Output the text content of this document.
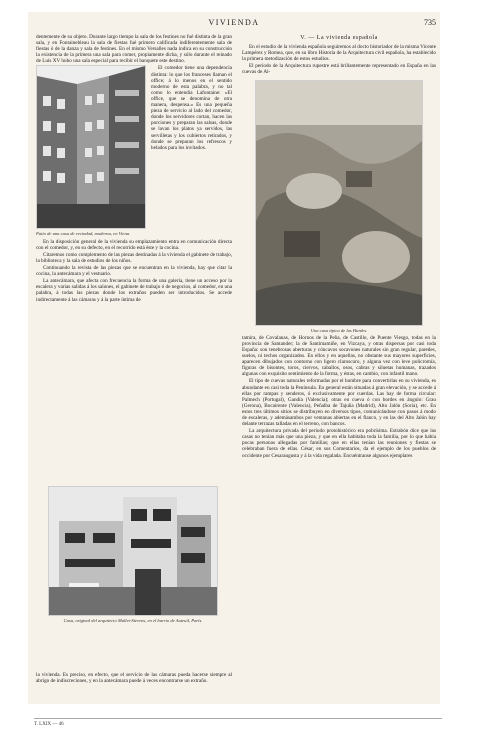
VIVIENDA	735

dentemente de su objeto. Durante largo tiempo la sala de los festines no fué distinta de la gran sala, y en Fontainebleau la sala de fiestas fué primero calificada indiferentemente sala de fiestas ó de la danza y sala de festines. En el mismo Versalles nada indica en su construcción la existencia de la primera una sala para comer, propiamente dicha, y sólo durante el reinado de Luis XV hubo una sala especial para recibir el banquete este destino.

Patio de una casa de vecindad, moderna, en Viena.

El comedor tiene una dependencia distinta: lo que los franceses llaman el office; á lo menos en el sentido moderno de esta palabra, y no tal como lo entendía Lafontaine: «El office, que se denomina de otra manera, despensa.» Es una pequeña pieza de servicio al lado del comedor, donde los servidores cortan, hacen las porciones y preparan las salsas, donde se lavan los platos ya servidos, las servilletas y los cubiertos retirados, y donde se preparan los refrescos y helados para los invitados.

En la disposición general de la vivienda su emplazamiento entra en comunicación directa con el comedor, y, en su defecto, en el recorrido está éste y la cocina.

Citaremos como complemento de las piezas destinadas á la vivienda el gabinete de trabajo, la biblioteca y la sala de estudios de los niños.

Continuando la revista de las piezas que se encuentran en la vivienda, hay que citar la cocina, la antecámara y el vestuario.

La antecámara, que afecta con frecuencia la forma de una galería, tiene un acceso por la escalera y varias salidas á los salones, el gabinete de trabajo ó de negocios, al comedor, en una palabra, á todas las piezas donde los extraños pueden ser introducidos. Se accede indirectamente á las cámaras y á la parte íntima de

Casa, original del arquitecto Mallet-Stevens, en el barrio de Auteuil, París.

la vivienda. Es preciso, en efecto, que el servicio de las cámaras pueda hacerse siempre al abrigo de indiscreciones, y en la antecámara puede á veces encontrarse un extraño.

V. — La vivienda española

En el estudio de la vivienda española seguiremos al docto historiador de la misma Vicente Lampérez y Romea, que, en su libro Historia de la Arquitectura civil española, ha establecido la primera metodización de estos estudios.

El período de la Arquitectura rupestre está brillantemente representado en España en las cuevas de Al-

Una casa típica de las Hurdes.

tamira, de Covalanas, de Hornos de la Peña, de Castillo, de Puente Viesgo, todas en la provincia de Santander; la de Santimamiñe, en Vizcaya, y otras dispersas por casi toda España: son tenebrosas aberturas y cóncavos socavones naturales sin gran regular, paredes, suelos, ni techos organizados. En ellos y en aquellas, no obstante sus mayores superficies, aparecen dibujados con contorno con ligero claroscuro, y alguna vez con leve policromía, figuras de bisontes, toros, ciervos, caballos, osos, cabras y siluetas humanas, trazados algunas con exquisito sentimiento de la forma, y éstas, en cambio, con infantil mano.

El tipo de cuevas naturales reformadas por el hombre para convertirlas en su vivienda, es abundante en casi toda la Península. En general están situadas á gran elevación, y se accede á ellas por rampas y senderos, ó exclusivamente por cuerdas. Las hay de forma circular: Palmech (Portugal), Gandía (Valencia); otras en cueva ó con bordes en ángulo: Grau (Gerona), Bocairente (Valencia), Peñalba de Tajuña (Madrid), Alto Jalón (Soria), etc. En estos tres últimos sitios se distribuyen en diversos tipos, comunicándose con pasos á modo de escaleras, y ademásambos por ventanas abiertas en el flanco, y en las del Alto Jalón hay delante terrazas talladas en el terreno, con bancos.

La arquitectura privada del período protohistórico era pobrísima. Estrabón dice que las casas no tenían más que una pieza, y que en ella habitaba toda la familia, por lo que había pocas personas allegadas por familias; que en ellas tenían las reuniones y fiestas se celebraban fuera de ellas. César, en sus Comentarios, da el ejemplo de los pueblos de occidente por Cesaraugusta y á la vida regalada. Encuéntranse algunos ejemplares

T. LXIX — 46
